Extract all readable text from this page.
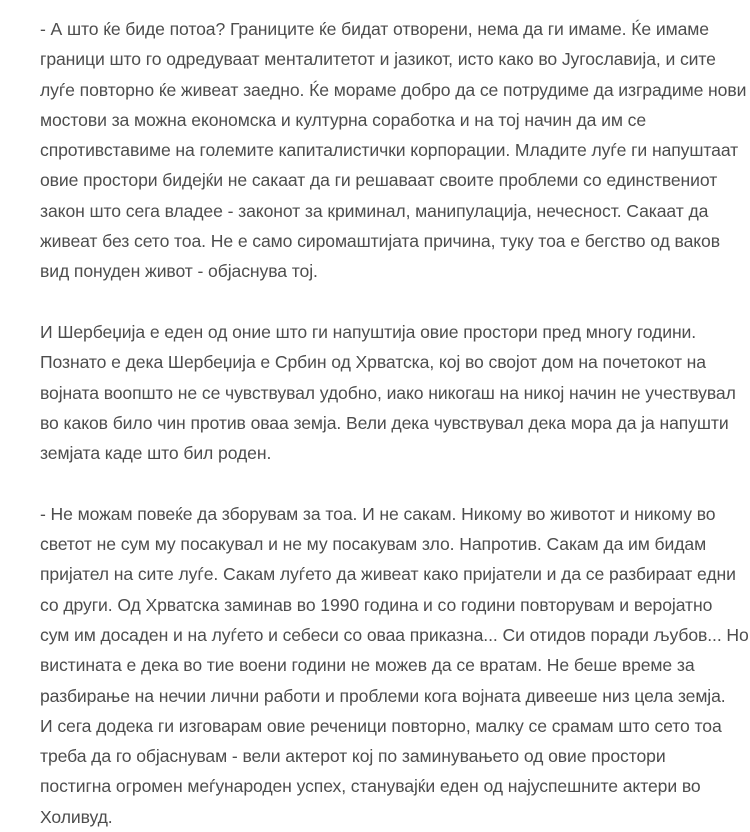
- А што ќе биде потоа? Границите ќе бидат отворени, нема да ги имаме. Ќе имаме
граници што го одредуваат менталитетот и јазикот, исто како во Југославија, и сите
луѓе повторно ќе живеат заедно. Ќе мораме добро да се потрудиме да изградиме нови
мостови за можна економска и културна соработка и на тој начин да им се
спротивставиме на големите капиталистички корпорации. Младите луѓе ги напуштаат
овие простори бидејќи не сакаат да ги решаваат своите проблеми со единствениот
закон што сега владее - законот за криминал, манипулација, нечесност. Сакаат да
живеат без сето тоа. Не е само сиромаштијата причина, туку тоа е бегство од ваков
вид понуден живот - објаснува тој.

И Шербеџија е еден од оние што ги напуштија овие простори пред многу години.
Познато е дека Шербеџија е Србин од Хрватска, кој во својот дом на почетокот на
војната воопшто не се чувствувал удобно, иако никогаш на никој начин не учествувал
во каков било чин против оваа земја. Вели дека чувствувал дека мора да ја напушти
земјата каде што бил роден.

- Не можам повеќе да зборувам за тоа. И не сакам. Никому во животот и никому во
светот не сум му посакувал и не му посакувам зло. Напротив. Сакам да им бидам
пријател на сите луѓе. Сакам луѓето да живеат како пријатели и да се разбираат едни
со други. Од Хрватска заминав во 1990 година и со години повторувам и веројатно
сум им досаден и на луѓето и себеси со оваа приказна... Си отидов поради љубов... Но
вистината е дека во тие воени години не можев да се вратам. Не беше време за
разбирање на нечии лични работи и проблеми кога војната дивееше низ цела земја.
И сега додека ги изговарам овие реченици повторно, малку се срамам што сето тоа
треба да го објаснувам - вели актерот кој по заминувањето од овие простори
постигна огромен меѓународен успех, станувајќи еден од најуспешните актери во
Холивуд.
